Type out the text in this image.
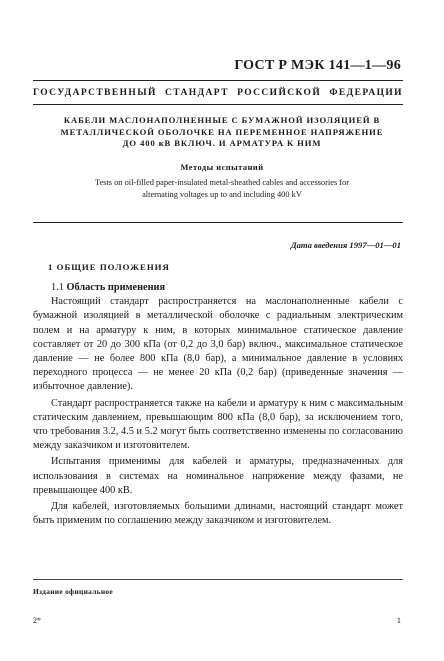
ГОСТ Р МЭК 141—1—96
ГОСУДАРСТВЕННЫЙ СТАНДАРТ РОССИЙСКОЙ ФЕДЕРАЦИИ
КАБЕЛИ МАСЛОНАПОЛНЕННЫЕ С БУМАЖНОЙ ИЗОЛЯЦИЕЙ В
МЕТАЛЛИЧЕСКОЙ ОБОЛОЧКЕ НА ПЕРЕМЕННОЕ НАПРЯЖЕНИЕ
ДО 400 кВ ВКЛЮЧ. И АРМАТУРА К НИМ
Методы испытаний
Tests on oil-filled paper-insulated metal-sheathed cables and accessories for
alternating voltages up to and including 400 kV
Дата введения 1997—01—01
1 ОБЩИЕ ПОЛОЖЕНИЯ

1.1 Область применения

Настоящий стандарт распространяется на маслонаполненные кабели с бумажной изоляцией в металлической оболочке с радиальным электрическим полем и на арматуру к ним, в которых минимальное статическое давление составляет от 20 до 300 кПа (от 0,2 до 3,0 бар) включ., максимальное статическое давление — не более 800 кПа (8,0 бар), а минимальное давление в условиях переходного процесса — не менее 20 кПа (0,2 бар) (приведенные значения — избыточное давление).

Стандарт распространяется также на кабели и арматуру к ним с максимальным статическим давлением, превышающим 800 кПа (8,0 бар), за исключением того, что требования 3.2, 4.5 и 5.2 могут быть соответственно изменены по согласованию между заказчиком и изготовителем.

Испытания применимы для кабелей и арматуры, предназначенных для использования в системах на номинальное напряжение между фазами, не превышающее 400 кВ.

Для кабелей, изготовляемых большими длинами, настоящий стандарт может быть применим по соглашению между заказчиком и изготовителем.

Издание официальное
2*	1
